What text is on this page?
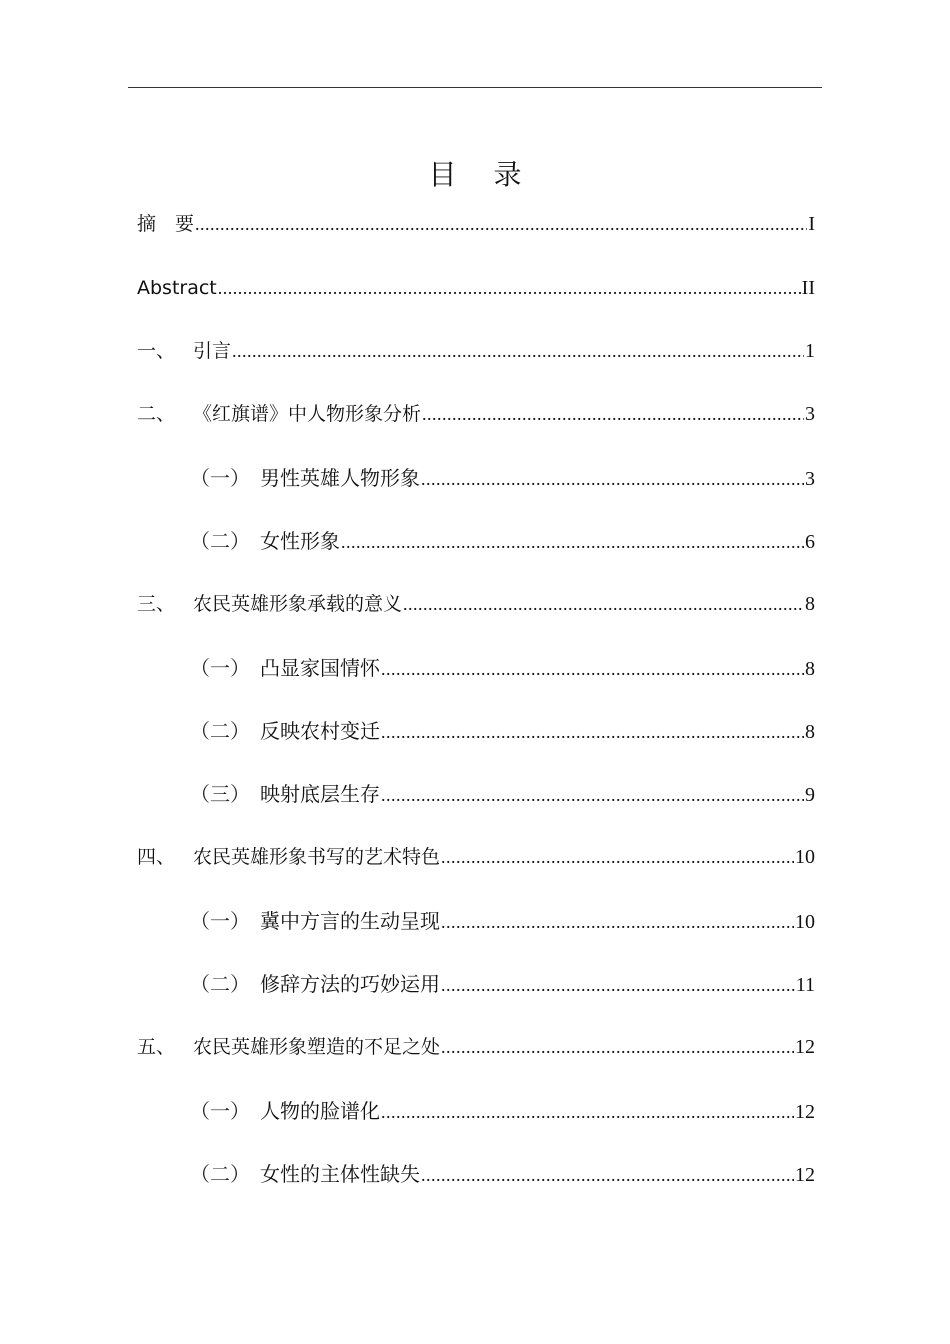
目 录
摘　要 .....	I
Abstract .....	II
一、 引言 .....	1
二、 《红旗谱》中人物形象分析 .....	3
（一） 男性英雄人物形象 .....	3
（二） 女性形象 .....	6
三、 农民英雄形象承载的意义 .....	8
（一） 凸显家国情怀 .....	8
（二） 反映农村变迁 .....	8
（三） 映射底层生存 .....	9
四、 农民英雄形象书写的艺术特色 .....	10
（一） 冀中方言的生动呈现 .....	10
（二） 修辞方法的巧妙运用 .....	11
五、 农民英雄形象塑造的不足之处 .....	12
（一） 人物的脸谱化 .....	12
（二） 女性的主体性缺失 .....	12
